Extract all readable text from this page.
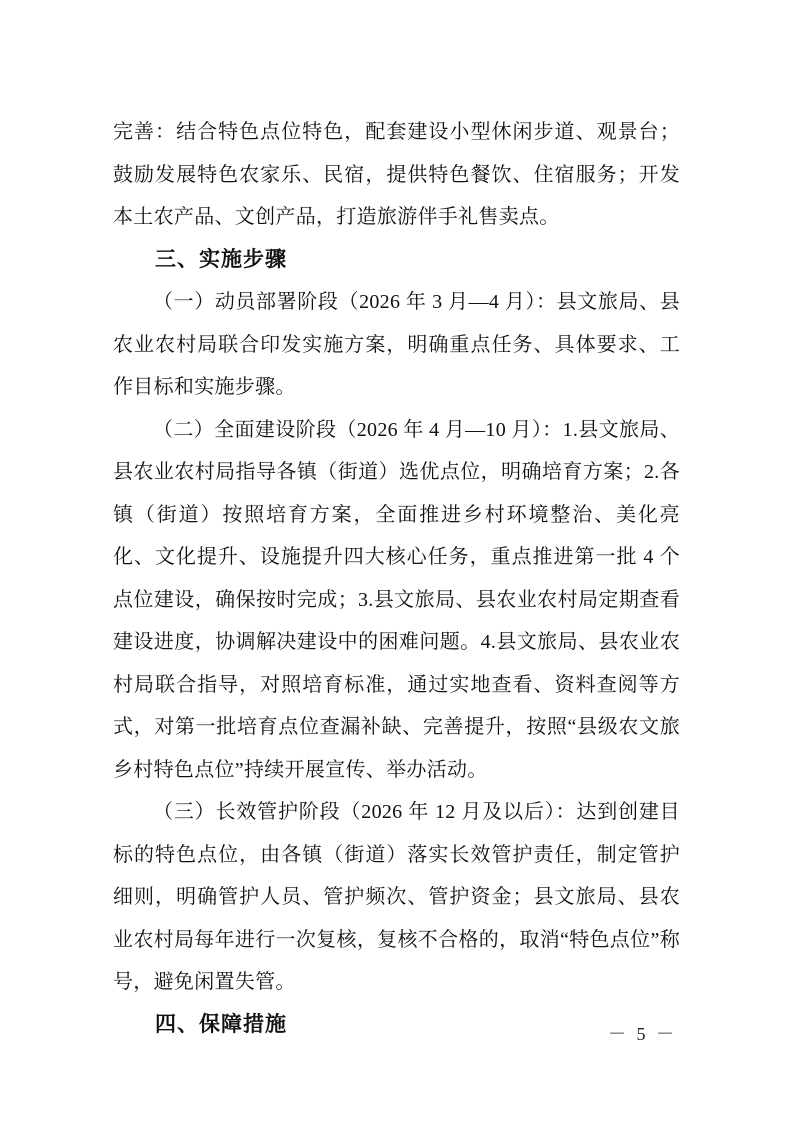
完善：结合特色点位特色，配套建设小型休闲步道、观景台；鼓励发展特色农家乐、民宿，提供特色餐饮、住宿服务；开发本土农产品、文创产品，打造旅游伴手礼售卖点。

三、实施步骤

（一）动员部署阶段（2026 年 3 月—4 月）：县文旅局、县农业农村局联合印发实施方案，明确重点任务、具体要求、工作目标和实施步骤。

（二）全面建设阶段（2026 年 4 月—10 月）：1.县文旅局、县农业农村局指导各镇（街道）选优点位，明确培育方案；2.各镇（街道）按照培育方案，全面推进乡村环境整治、美化亮化、文化提升、设施提升四大核心任务，重点推进第一批 4 个点位建设，确保按时完成；3.县文旅局、县农业农村局定期查看建设进度，协调解决建设中的困难问题。4.县文旅局、县农业农村局联合指导，对照培育标准，通过实地查看、资料查阅等方式，对第一批培育点位查漏补缺、完善提升，按照“县级农文旅乡村特色点位”持续开展宣传、举办活动。

（三）长效管护阶段（2026 年 12 月及以后）：达到创建目标的特色点位，由各镇（街道）落实长效管护责任，制定管护细则，明确管护人员、管护频次、管护资金；县文旅局、县农业农村局每年进行一次复核，复核不合格的，取消“特色点位”称号，避免闲置失管。

四、保障措施	－ 5 －
